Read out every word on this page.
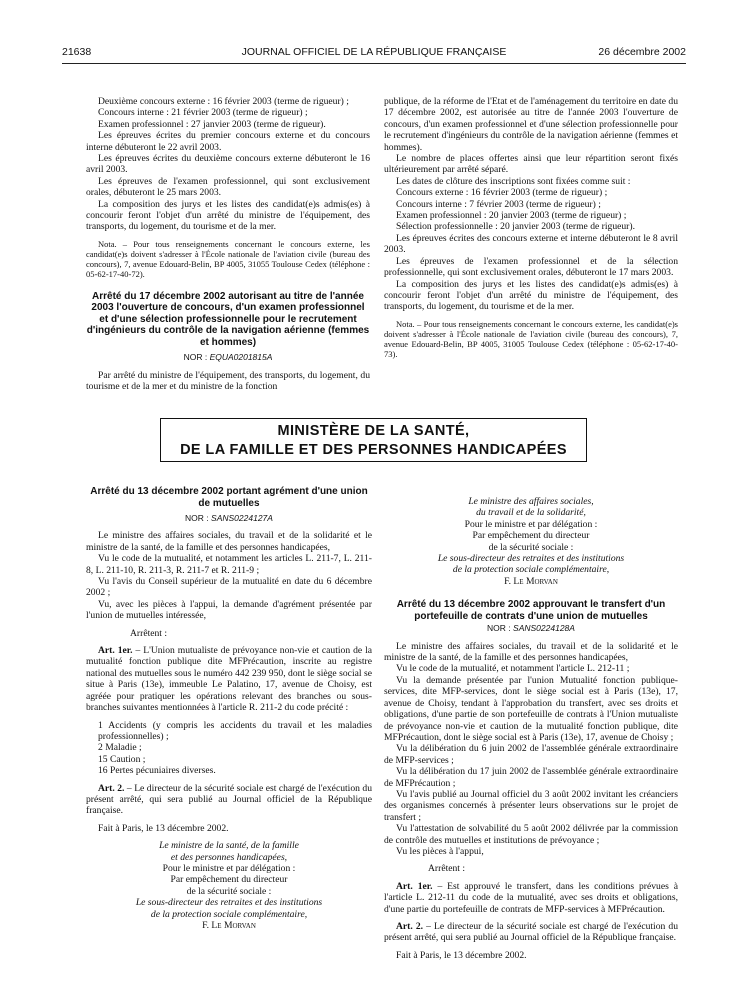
21638	JOURNAL OFFICIEL DE LA RÉPUBLIQUE FRANÇAISE	26 décembre 2002

Deuxième concours externe : 16 février 2003 (terme de rigueur) ;

Concours interne : 21 février 2003 (terme de rigueur) ;

Examen professionnel : 27 janvier 2003 (terme de rigueur).

Les épreuves écrites du premier concours externe et du concours interne débuteront le 22 avril 2003.

Les épreuves écrites du deuxième concours externe débuteront le 16 avril 2003.

Les épreuves de l'examen professionnel, qui sont exclusivement orales, débuteront le 25 mars 2003.

La composition des jurys et les listes des candidat(e)s admis(es) à concourir feront l'objet d'un arrêté du ministre de l'équipement, des transports, du logement, du tourisme et de la mer.

Nota. – Pour tous renseignements concernant le concours externe, les candidat(e)s doivent s'adresser à l'École nationale de l'aviation civile (bureau des concours), 7, avenue Edouard-Belin, BP 4005, 31055 Toulouse Cedex (téléphone : 05-62-17-40-72).

Arrêté du 17 décembre 2002 autorisant au titre de l'année 2003 l'ouverture de concours, d'un examen professionnel et d'une sélection professionnelle pour le recrutement d'ingénieurs du contrôle de la navigation aérienne (femmes et hommes)
NOR : EQUA0201815A

Par arrêté du ministre de l'équipement, des transports, du logement, du tourisme et de la mer et du ministre de la fonction

publique, de la réforme de l'Etat et de l'aménagement du territoire en date du 17 décembre 2002, est autorisée au titre de l'année 2003 l'ouverture de concours, d'un examen professionnel et d'une sélection professionnelle pour le recrutement d'ingénieurs du contrôle de la navigation aérienne (femmes et hommes).

Le nombre de places offertes ainsi que leur répartition seront fixés ultérieurement par arrêté séparé.

Les dates de clôture des inscriptions sont fixées comme suit :

Concours externe : 16 février 2003 (terme de rigueur) ;

Concours interne : 7 février 2003 (terme de rigueur) ;

Examen professionnel : 20 janvier 2003 (terme de rigueur) ;

Sélection professionnelle : 20 janvier 2003 (terme de rigueur).

Les épreuves écrites des concours externe et interne débuteront le 8 avril 2003.

Les épreuves de l'examen professionnel et de la sélection professionnelle, qui sont exclusivement orales, débuteront le 17 mars 2003.

La composition des jurys et les listes des candidat(e)s admis(es) à concourir feront l'objet d'un arrêté du ministre de l'équipement, des transports, du logement, du tourisme et de la mer.

Nota. – Pour tous renseignements concernant le concours externe, les candidat(e)s doivent s'adresser à l'École nationale de l'aviation civile (bureau des concours), 7, avenue Edouard-Belin, BP 4005, 31005 Toulouse Cedex (téléphone : 05-62-17-40-73).

MINISTÈRE DE LA SANTÉ,
DE LA FAMILLE ET DES PERSONNES HANDICAPÉES
Arrêté du 13 décembre 2002 portant agrément d'une union de mutuelles
NOR : SANS0224127A

Le ministre des affaires sociales, du travail et de la solidarité et le ministre de la santé, de la famille et des personnes handicapées,

Vu le code de la mutualité, et notamment les articles L. 211-7, L. 211-8, L. 211-10, R. 211-3, R. 211-7 et R. 211-9 ;

Vu l'avis du Conseil supérieur de la mutualité en date du 6 décembre 2002 ;

Vu, avec les pièces à l'appui, la demande d'agrément présentée par l'union de mutuelles intéressée,

Arrêtent :

Art. 1er. – L'Union mutualiste de prévoyance non-vie et caution de la mutualité fonction publique dite MFPrécaution, inscrite au registre national des mutuelles sous le numéro 442 239 950, dont le siège social se situe à Paris (13e), immeuble Le Palatino, 17, avenue de Choisy, est agréée pour pratiquer les opérations relevant des branches ou sous-branches suivantes mentionnées à l'article R. 211-2 du code précité :

1 Accidents (y compris les accidents du travail et les maladies professionnelles) ;

2 Maladie ;

15 Caution ;

16 Pertes pécuniaires diverses.

Art. 2. – Le directeur de la sécurité sociale est chargé de l'exécution du présent arrêté, qui sera publié au Journal officiel de la République française.

Fait à Paris, le 13 décembre 2002.

Le ministre de la santé, de la famille

et des personnes handicapées,

Pour le ministre et par délégation :

Par empêchement du directeur

de la sécurité sociale :

Le sous-directeur des retraites et des institutions

de la protection sociale complémentaire,

F. Le Morvan

Le ministre des affaires sociales,

du travail et de la solidarité,

Pour le ministre et par délégation :

Par empêchement du directeur

de la sécurité sociale :

Le sous-directeur des retraites et des institutions

de la protection sociale complémentaire,

F. Le Morvan

Arrêté du 13 décembre 2002 approuvant le transfert d'un portefeuille de contrats d'une union de mutuelles
NOR : SANS0224128A

Le ministre des affaires sociales, du travail et de la solidarité et le ministre de la santé, de la famille et des personnes handicapées,

Vu le code de la mutualité, et notamment l'article L. 212-11 ;

Vu la demande présentée par l'union Mutualité fonction publique-services, dite MFP-services, dont le siège social est à Paris (13e), 17, avenue de Choisy, tendant à l'approbation du transfert, avec ses droits et obligations, d'une partie de son portefeuille de contrats à l'Union mutualiste de prévoyance non-vie et caution de la mutualité fonction publique, dite MFPrécaution, dont le siège social est à Paris (13e), 17, avenue de Choisy ;

Vu la délibération du 6 juin 2002 de l'assemblée générale extraordinaire de MFP-services ;

Vu la délibération du 17 juin 2002 de l'assemblée générale extraordinaire de MFPrécaution ;

Vu l'avis publié au Journal officiel du 3 août 2002 invitant les créanciers des organismes concernés à présenter leurs observations sur le projet de transfert ;

Vu l'attestation de solvabilité du 5 août 2002 délivrée par la commission de contrôle des mutuelles et institutions de prévoyance ;

Vu les pièces à l'appui,

Arrêtent :

Art. 1er. – Est approuvé le transfert, dans les conditions prévues à l'article L. 212-11 du code de la mutualité, avec ses droits et obligations, d'une partie du portefeuille de contrats de MFP-services à MFPrécaution.

Art. 2. – Le directeur de la sécurité sociale est chargé de l'exécution du présent arrêté, qui sera publié au Journal officiel de la République française.

Fait à Paris, le 13 décembre 2002.
